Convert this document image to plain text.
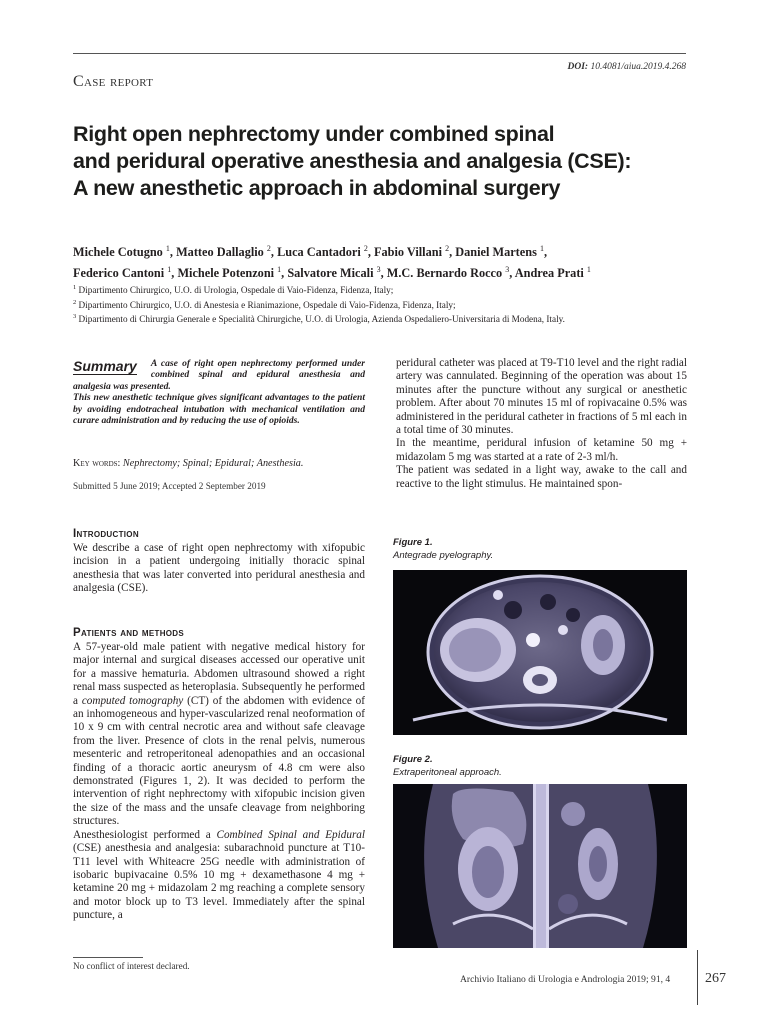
DOI: 10.4081/aiua.2019.4.268
Case report
Right open nephrectomy under combined spinal
and peridural operative anesthesia and analgesia (CSE):
A new anesthetic approach in abdominal surgery
Michele Cotugno $^1$, Matteo Dallaglio $^2$, Luca Cantadori $^2$, Fabio Villani $^2$, Daniel Martens $^1$,
Federico Cantoni $^1$, Michele Potenzoni $^1$, Salvatore Micali $^3$, M.C. Bernardo Rocco $^3$, Andrea Prati $^1$
$^1$ Dipartimento Chirurgico, U.O. di Urologia, Ospedale di Vaio-Fidenza, Fidenza, Italy;
$^2$ Dipartimento Chirurgico, U.O. di Anestesia e Rianimazione, Ospedale di Vaio-Fidenza, Fidenza, Italy;
$^3$ Dipartimento di Chirurgia Generale e Specialità Chirurgiche, U.O. di Urologia, Azienda Ospedaliero-Universitaria di Modena, Italy.
Summary A case of right open nephrectomy performed under combined spinal and epidural anesthesia and analgesia was presented.
This new anesthetic technique gives significant advantages to the patient by avoiding endotracheal intubation with mechanical ventilation and curare administration and by reducing the use of opioids.
Key words: Nephrectomy; Spinal; Epidural; Anesthesia.
Submitted 5 June 2019; Accepted 2 September 2019
Introduction
We describe a case of right open nephrectomy with xifopubic incision in a patient undergoing initially thoracic spinal anesthesia that was later converted into peridural anesthesia and analgesia (CSE).
Patients and methods

A 57-year-old male patient with negative medical history for major internal and surgical diseases accessed our operative unit for a massive hematuria. Abdomen ultrasound showed a right renal mass suspected as heteroplasia. Subsequently he performed a computed tomography (CT) of the abdomen with evidence of an inhomogeneous and hyper-vascularized renal neoformation of 10 x 9 cm with central necrotic area and without safe cleavage from the liver. Presence of clots in the renal pelvis, numerous mesenteric and retroperitoneal adenopathies and an occasional finding of a thoracic aortic aneurysm of 4.8 cm were also demonstrated (Figures 1, 2). It was decided to perform the intervention of right nephrectomy with xifopubic incision given the size of the mass and the unsafe cleavage from neighboring structures.

Anesthesiologist performed a Combined Spinal and Epidural (CSE) anesthesia and analgesia: subarachnoid puncture at T10-T11 level with Whiteacre 25G needle with administration of isobaric bupivacaine 0.5% 10 mg + dexamethasone 4 mg + ketamine 20 mg + midazolam 2 mg reaching a complete sensory and motor block up to T3 level. Immediately after the spinal puncture, a

peridural catheter was placed at T9-T10 level and the right radial artery was cannulated. Beginning of the operation was about 15 minutes after the puncture without any surgical or anesthetic problem. After about 70 minutes 15 ml of ropivacaine 0.5% was administered in the peridural catheter in fractions of 5 ml each in a total time of 30 minutes.

In the meantime, peridural infusion of ketamine 50 mg + midazolam 5 mg was started at a rate of 2-3 ml/h.

The patient was sedated in a light way, awake to the call and reactive to the light stimulus. He maintained spon-

Figure 1.
Antegrade pyelography.
Figure 2.
Extraperitoneal approach.
No conflict of interest declared.
Archivio Italiano di Urologia e Andrologia 2019; 91, 4 267
